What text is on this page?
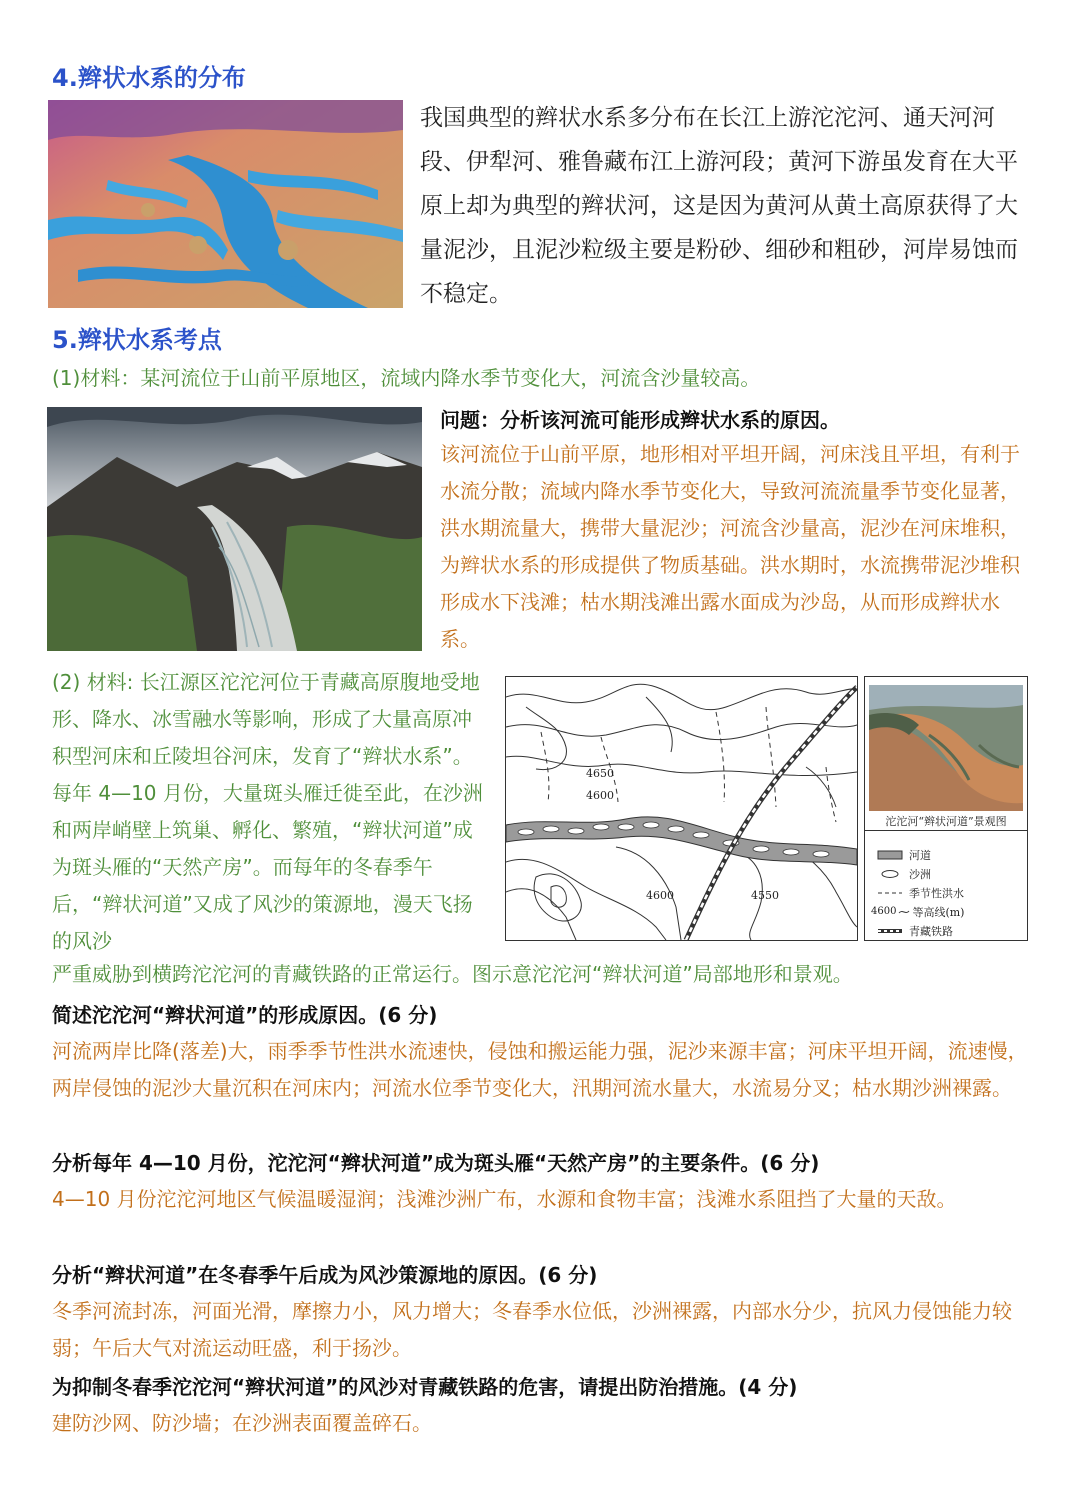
4.辫状水系的分布
我国典型的辫状水系多分布在长江上游沱沱河、通天河河段、伊犁河、雅鲁藏布江上游河段；黄河下游虽发育在大平原上却为典型的辫状河，这是因为黄河从黄土高原获得了大量泥沙，且泥沙粒级主要是粉砂、细砂和粗砂，河岸易蚀而不稳定。
5.辫状水系考点
(1)材料：某河流位于山前平原地区，流域内降水季节变化大，河流含沙量较高。
问题：分析该河流可能形成辫状水系的原因。
该河流位于山前平原，地形相对平坦开阔，河床浅且平坦，有利于水流分散；流域内降水季节变化大，导致河流流量季节变化显著，洪水期流量大，携带大量泥沙；河流含沙量高，泥沙在河床堆积，为辫状水系的形成提供了物质基础。洪水期时，水流携带泥沙堆积形成水下浅滩；枯水期浅滩出露水面成为沙岛，从而形成辫状水系。
(2) 材料: 长江源区沱沱河位于青藏高原腹地受地形、降水、冰雪融水等影响，形成了大量高原冲积型河床和丘陵坦谷河床，发育了“辫状水系”。每年 4—10 月份，大量斑头雁迁徙至此，在沙洲和两岸峭壁上筑巢、孵化、繁殖，“辫状河道”成为斑头雁的“天然产房”。而每年的冬春季午后，“辫状河道”又成了风沙的策源地，漫天飞扬的风沙
4650
4600
4600	4550
沱沱河“辫状河道”景观图
河道
沙洲
季节性洪水
4600 等高线(m)
青藏铁路
严重威胁到横跨沱沱河的青藏铁路的正常运行。图示意沱沱河“辫状河道”局部地形和景观。
简述沱沱河“辫状河道”的形成原因。(6 分)
河流两岸比降(落差)大，雨季季节性洪水流速快，侵蚀和搬运能力强，泥沙来源丰富；河床平坦开阔，流速慢，两岸侵蚀的泥沙大量沉积在河床内；河流水位季节变化大，汛期河流水量大，水流易分叉；枯水期沙洲裸露。
分析每年 4—10 月份，沱沱河“辫状河道”成为斑头雁“天然产房”的主要条件。(6 分)
4—10 月份沱沱河地区气候温暖湿润；浅滩沙洲广布，水源和食物丰富；浅滩水系阻挡了大量的天敌。
分析“辫状河道”在冬春季午后成为风沙策源地的原因。(6 分)
冬季河流封冻，河面光滑，摩擦力小，风力增大；冬春季水位低，沙洲裸露，内部水分少，抗风力侵蚀能力较弱；午后大气对流运动旺盛，利于扬沙。
为抑制冬春季沱沱河“辫状河道”的风沙对青藏铁路的危害，请提出防治措施。(4 分)
建防沙网、防沙墙；在沙洲表面覆盖碎石。
